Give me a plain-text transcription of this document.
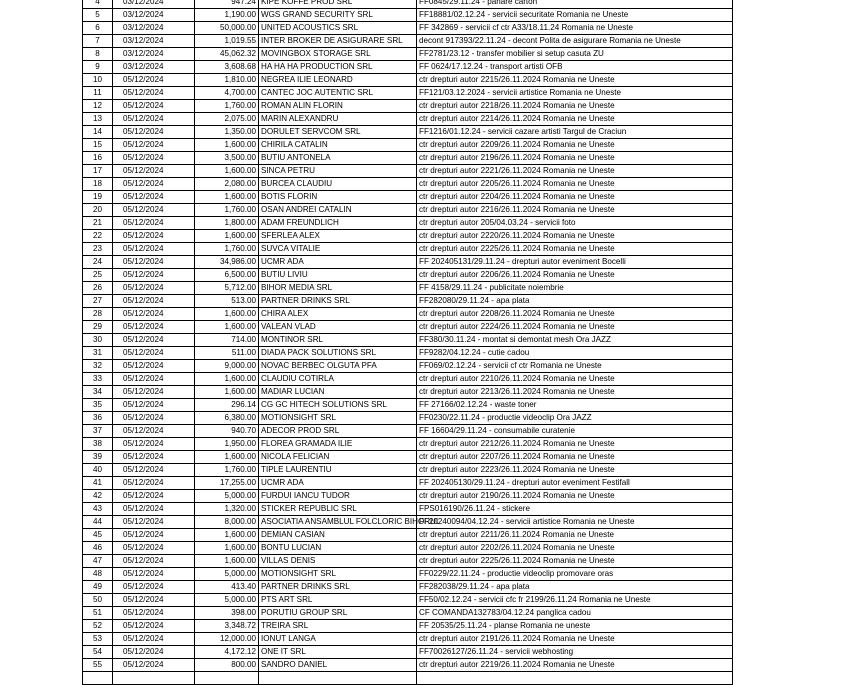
4	03/12/2024	947.24	KIPE KOFFE PROD SRL	FF0845/29.11.24 - panare carton
5	03/12/2024	1,190.00	WGS GRAND SECURITY SRL	FF18881/02.12.24 - servicii securitate Romania ne Uneste
6	03/12/2024	50,000.00	UNITED ACOUSTICS SRL	FF 342869 - servicii cf ctr A33/18.11.24 Romania ne Uneste
7	03/12/2024	1,019.55	INTER BROKER DE ASIGURARE SRL	decont 917393/22.11.24 - decont Polita de asigurare Romania ne Uneste
8	03/12/2024	45,062.32	MOVINGBOX STORAGE SRL	FF2781/23.12 - transfer mobilier si setup casuta ZU
9	03/12/2024	3,608.68	HA HA HA PRODUCTION SRL	FF 0624/17.12.24 - transport artisti OFB
10	05/12/2024	1,810.00	NEGREA ILIE LEONARD	ctr drepturi autor 2215/26.11.2024 Romania ne Uneste
11	05/12/2024	4,700.00	CANTEC JOC AUTENTIC SRL	FF121/03.12.2024 - servicii artistice Romania ne Uneste
12	05/12/2024	1,760.00	ROMAN ALIN FLORIN	ctr drepturi autor 2218/26.11.2024 Romania ne Uneste
13	05/12/2024	2,075.00	MARIN ALEXANDRU	ctr drepturi autor 2214/26.11.2024 Romania ne Uneste
14	05/12/2024	1,350.00	DORULET SERVCOM SRL	FF1216/01.12.24 - servicii cazare artisti Targul de Craciun
15	05/12/2024	1,600.00	CHIRILA CATALIN	ctr drepturi autor 2209/26.11.2024 Romania ne Uneste
16	05/12/2024	3,500.00	BUTIU ANTONELA	ctr drepturi autor 2196/26.11.2024 Romania ne Uneste
17	05/12/2024	1,600.00	SINCA PETRU	ctr drepturi autor 2221/26.11.2024 Romania ne Uneste
18	05/12/2024	2,080.00	BURCEA CLAUDIU	ctr drepturi autor 2205/26.11.2024 Romania ne Uneste
19	05/12/2024	1,600.00	BOTIS FLORIN	ctr drepturi autor 2204/26.11.2024 Romania ne Uneste
20	05/12/2024	1,760.00	OSAN ANDREI CATALIN	ctr drepturi autor 2216/26.11.2024 Romania ne Uneste
21	05/12/2024	1,800.00	ADAM FREUNDLICH	ctr drepturi autor 205/04.03.24 - servicii foto
22	05/12/2024	1,600.00	SFERLEA ALEX	ctr drepturi autor 2220/26.11.2024 Romania ne Uneste
23	05/12/2024	1,760.00	SUVCA VITALIE	ctr drepturi autor 2225/26.11.2024 Romania ne Uneste
24	05/12/2024	34,986.00	UCMR ADA	FF 202405131/29.11.24 - drepturi autor eveniment Bocelli
25	05/12/2024	6,500.00	BUTIU LIVIU	ctr drepturi autor 2206/26.11.2024 Romania ne Uneste
26	05/12/2024	5,712.00	BIHOR MEDIA SRL	FF 4158/29.11.24 - publicitate noiembrie
27	05/12/2024	513.00	PARTNER DRINKS SRL	FF282080/29.11.24 - apa plata
28	05/12/2024	1,600.00	CHIRA ALEX	ctr drepturi autor 2208/26.11.2024 Romania ne Uneste
29	05/12/2024	1,600.00	VALEAN VLAD	ctr drepturi autor 2224/26.11.2024 Romania ne Uneste
30	05/12/2024	714.00	MONTINOR SRL	FF380/30.11.24 - montat si demontat mesh Ora JAZZ
31	05/12/2024	511.00	DIADA PACK SOLUTIONS SRL	FF9282/04.12.24 - cutie cadou
32	05/12/2024	9,000.00	NOVAC BERBEC OLGUTA PFA	FF069/02.12.24 - servicii cf ctr Romania ne Uneste
33	05/12/2024	1,600.00	CLAUDIU COTIRLA	ctr drepturi autor 2210/26.11.2024 Romania ne Uneste
34	05/12/2024	1,600.00	MADIAR LUCIAN	ctr drepturi autor 2213/26.11.2024 Romania ne Uneste
35	05/12/2024	296.14	CG GC HITECH SOLUTIONS SRL	FF 27166/02.12.24 - waste toner
36	05/12/2024	6,380.00	MOTIONSIGHT SRL	FF0230/22.11.24 - productie videoclip Ora JAZZ
37	05/12/2024	940.70	ADECOR PROD SRL	FF 16604/29.11.24 - consumabile curatenie
38	05/12/2024	1,950.00	FLOREA GRAMADA ILIE	ctr drepturi autor 2212/26.11.2024 Romania ne Uneste
39	05/12/2024	1,600.00	NICOLA FELICIAN	ctr drepturi autor 2207/26.11.2024 Romania ne Uneste
40	05/12/2024	1,760.00	TIPLE LAURENTIU	ctr drepturi autor 2223/26.11.2024 Romania ne Uneste
41	05/12/2024	17,255.00	UCMR ADA	FF 202405130/29.11.24 - drepturi autor eveniment Festifall
42	05/12/2024	5,000.00	FURDUI IANCU TUDOR	ctr drepturi autor 2190/26.11.2024 Romania ne Uneste
43	05/12/2024	1,320.00	STICKER REPUBLIC SRL	FPS016190/26.11.24 - stickere
44	05/12/2024	8,000.00	ASOCIATIA ANSAMBLUL FOLCLORIC BIHORUL	FF20240094/04.12.24 - servicii artistice Romania ne Uneste
45	05/12/2024	1,600.00	DEMIAN CASIAN	ctr drepturi autor 2211/26.11.2024 Romania ne Uneste
46	05/12/2024	1,600.00	BONTU LUCIAN	ctr drepturi autor 2202/26.11.2024 Romania ne Uneste
47	05/12/2024	1,600.00	VILLAS DENIS	ctr drepturi autor 2225/26.11.2024 Romania ne Uneste
48	05/12/2024	5,000.00	MOTIONSIGHT SRL	FF0229/22.11.24 - productie videoclip promovare oras
49	05/12/2024	413.40	PARTNER DRINKS SRL	FF282038/29.11.24 - apa plata
50	05/12/2024	5,000.00	PTS ART SRL	FF50/02.12.24 - servicii cfc fr 2199/26.11.24 Romania ne Uneste
51	05/12/2024	398.00	PORUTIU GROUP SRL	CF COMANDA132783/04.12.24 panglica cadou
52	05/12/2024	3,348.72	TREIRA SRL	FF 20535/25.11.24 - planse Romania ne uneste
53	05/12/2024	12,000.00	IONUT LANGA	ctr drepturi autor 2191/26.11.2024 Romania ne Uneste
54	05/12/2024	4,172.12	ONE IT SRL	FF70026127/26.11.24 - servicii webhosting
55	05/12/2024	800.00	SANDRO DANIEL	ctr drepturi autor 2219/26.11.2024 Romania ne Uneste
